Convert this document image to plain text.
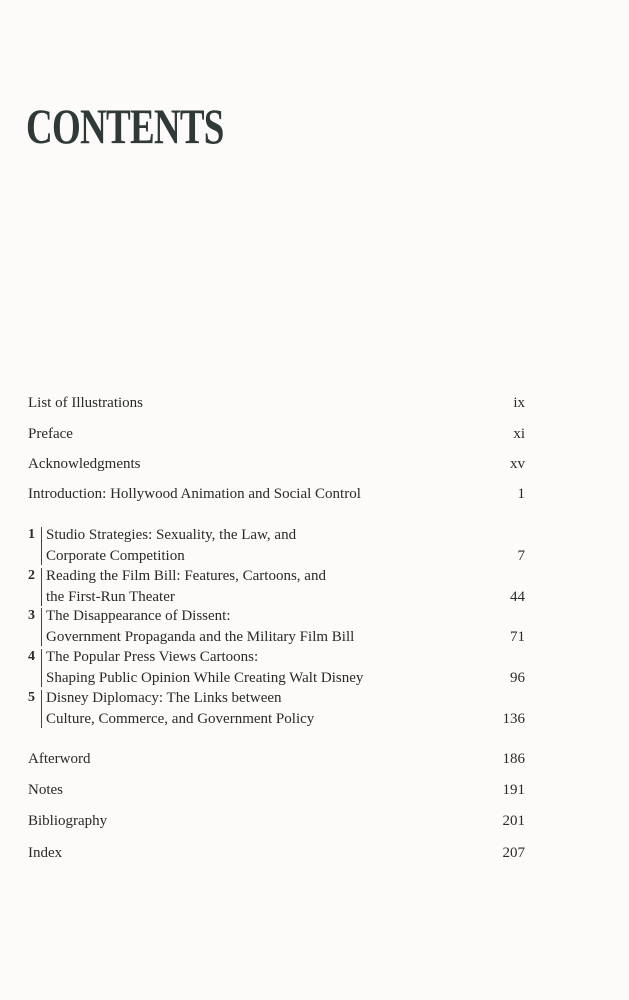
CONTENTS
List of Illustrations	ix
Preface	xi
Acknowledgments	xv
Introduction: Hollywood Animation and Social Control	1
1 Studio Strategies: Sexuality, the Law, and
Corporate Competition	7
2 Reading the Film Bill: Features, Cartoons, and
the First-Run Theater	44
3 The Disappearance of Dissent:
Government Propaganda and the Military Film Bill	71
4 The Popular Press Views Cartoons:
Shaping Public Opinion While Creating Walt Disney	96
5 Disney Diplomacy: The Links between
Culture, Commerce, and Government Policy	136
Afterword	186
Notes	191
Bibliography	201
Index	207
